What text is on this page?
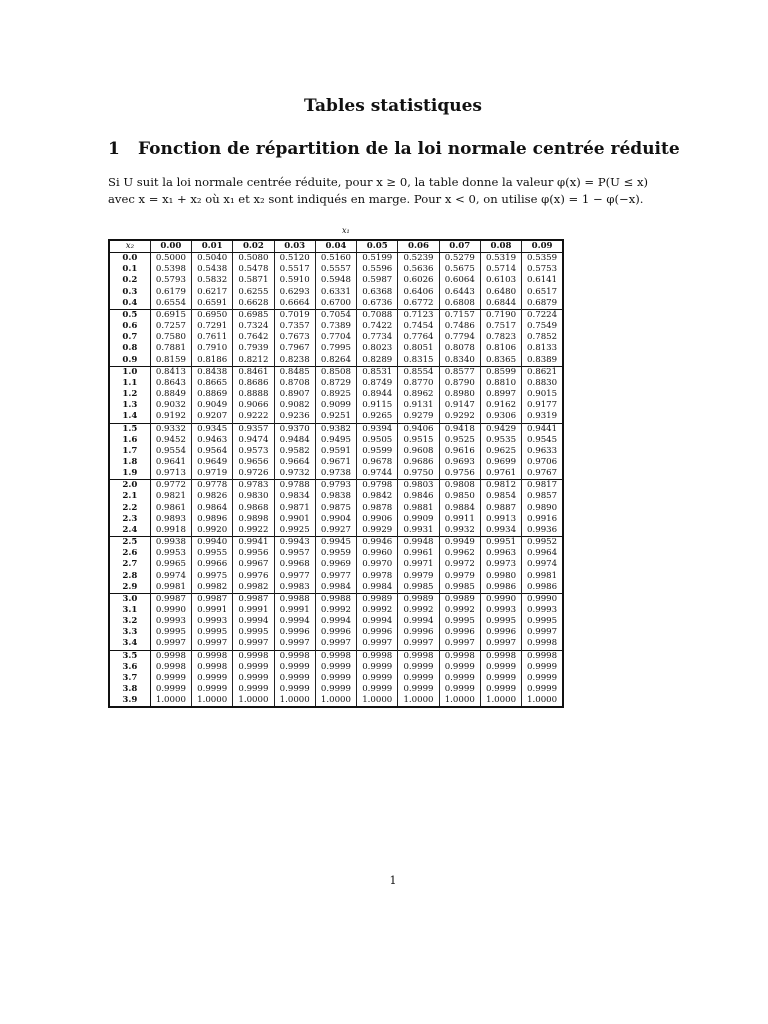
Tables statistiques
1 Fonction de répartition de la loi normale centrée réduite
Si U suit la loi normale centrée réduite, pour x ≥ 0, la table donne la valeur φ(x) = P(U ≤ x)
avec x = x₁ + x₂ où x₁ et x₂ sont indiqués en marge. Pour x < 0, on utilise φ(x) = 1 − φ(−x).
x₁
x₂	0.00	0.01	0.02	0.03	0.04	0.05	0.06	0.07	0.08	0.09
0.0	0.5000	0.5040	0.5080	0.5120	0.5160	0.5199	0.5239	0.5279	0.5319	0.5359
0.1	0.5398	0.5438	0.5478	0.5517	0.5557	0.5596	0.5636	0.5675	0.5714	0.5753
0.2	0.5793	0.5832	0.5871	0.5910	0.5948	0.5987	0.6026	0.6064	0.6103	0.6141
0.3	0.6179	0.6217	0.6255	0.6293	0.6331	0.6368	0.6406	0.6443	0.6480	0.6517
0.4	0.6554	0.6591	0.6628	0.6664	0.6700	0.6736	0.6772	0.6808	0.6844	0.6879
0.5	0.6915	0.6950	0.6985	0.7019	0.7054	0.7088	0.7123	0.7157	0.7190	0.7224
0.6	0.7257	0.7291	0.7324	0.7357	0.7389	0.7422	0.7454	0.7486	0.7517	0.7549
0.7	0.7580	0.7611	0.7642	0.7673	0.7704	0.7734	0.7764	0.7794	0.7823	0.7852
0.8	0.7881	0.7910	0.7939	0.7967	0.7995	0.8023	0.8051	0.8078	0.8106	0.8133
0.9	0.8159	0.8186	0.8212	0.8238	0.8264	0.8289	0.8315	0.8340	0.8365	0.8389
1.0	0.8413	0.8438	0.8461	0.8485	0.8508	0.8531	0.8554	0.8577	0.8599	0.8621
1.1	0.8643	0.8665	0.8686	0.8708	0.8729	0.8749	0.8770	0.8790	0.8810	0.8830
1.2	0.8849	0.8869	0.8888	0.8907	0.8925	0.8944	0.8962	0.8980	0.8997	0.9015
1.3	0.9032	0.9049	0.9066	0.9082	0.9099	0.9115	0.9131	0.9147	0.9162	0.9177
1.4	0.9192	0.9207	0.9222	0.9236	0.9251	0.9265	0.9279	0.9292	0.9306	0.9319
1.5	0.9332	0.9345	0.9357	0.9370	0.9382	0.9394	0.9406	0.9418	0.9429	0.9441
1.6	0.9452	0.9463	0.9474	0.9484	0.9495	0.9505	0.9515	0.9525	0.9535	0.9545
1.7	0.9554	0.9564	0.9573	0.9582	0.9591	0.9599	0.9608	0.9616	0.9625	0.9633
1.8	0.9641	0.9649	0.9656	0.9664	0.9671	0.9678	0.9686	0.9693	0.9699	0.9706
1.9	0.9713	0.9719	0.9726	0.9732	0.9738	0.9744	0.9750	0.9756	0.9761	0.9767
2.0	0.9772	0.9778	0.9783	0.9788	0.9793	0.9798	0.9803	0.9808	0.9812	0.9817
2.1	0.9821	0.9826	0.9830	0.9834	0.9838	0.9842	0.9846	0.9850	0.9854	0.9857
2.2	0.9861	0.9864	0.9868	0.9871	0.9875	0.9878	0.9881	0.9884	0.9887	0.9890
2.3	0.9893	0.9896	0.9898	0.9901	0.9904	0.9906	0.9909	0.9911	0.9913	0.9916
2.4	0.9918	0.9920	0.9922	0.9925	0.9927	0.9929	0.9931	0.9932	0.9934	0.9936
2.5	0.9938	0.9940	0.9941	0.9943	0.9945	0.9946	0.9948	0.9949	0.9951	0.9952
2.6	0.9953	0.9955	0.9956	0.9957	0.9959	0.9960	0.9961	0.9962	0.9963	0.9964
2.7	0.9965	0.9966	0.9967	0.9968	0.9969	0.9970	0.9971	0.9972	0.9973	0.9974
2.8	0.9974	0.9975	0.9976	0.9977	0.9977	0.9978	0.9979	0.9979	0.9980	0.9981
2.9	0.9981	0.9982	0.9982	0.9983	0.9984	0.9984	0.9985	0.9985	0.9986	0.9986
3.0	0.9987	0.9987	0.9987	0.9988	0.9988	0.9989	0.9989	0.9989	0.9990	0.9990
3.1	0.9990	0.9991	0.9991	0.9991	0.9992	0.9992	0.9992	0.9992	0.9993	0.9993
3.2	0.9993	0.9993	0.9994	0.9994	0.9994	0.9994	0.9994	0.9995	0.9995	0.9995
3.3	0.9995	0.9995	0.9995	0.9996	0.9996	0.9996	0.9996	0.9996	0.9996	0.9997
3.4	0.9997	0.9997	0.9997	0.9997	0.9997	0.9997	0.9997	0.9997	0.9997	0.9998
3.5	0.9998	0.9998	0.9998	0.9998	0.9998	0.9998	0.9998	0.9998	0.9998	0.9998
3.6	0.9998	0.9998	0.9999	0.9999	0.9999	0.9999	0.9999	0.9999	0.9999	0.9999
3.7	0.9999	0.9999	0.9999	0.9999	0.9999	0.9999	0.9999	0.9999	0.9999	0.9999
3.8	0.9999	0.9999	0.9999	0.9999	0.9999	0.9999	0.9999	0.9999	0.9999	0.9999
3.9	1.0000	1.0000	1.0000	1.0000	1.0000	1.0000	1.0000	1.0000	1.0000	1.0000
1
